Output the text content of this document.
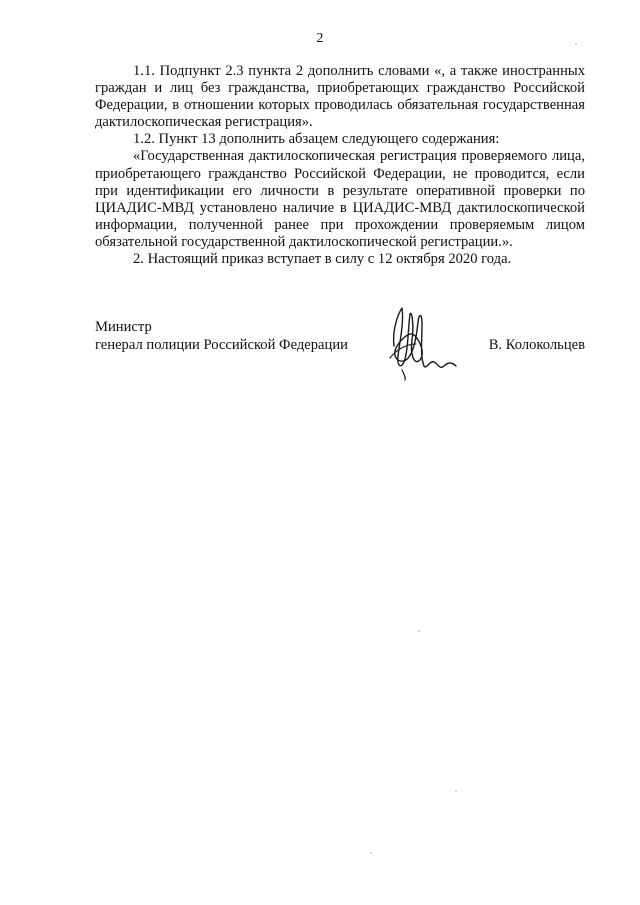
2

1.1. Подпункт 2.3 пункта 2 дополнить словами «, а также иностранных граждан и лиц без гражданства, приобретающих гражданство Российской Федерации, в отношении которых проводилась обязательная государственная дактилоскопическая регистрация».

1.2. Пункт 13 дополнить абзацем следующего содержания:

«Государственная дактилоскопическая регистрация проверяемого лица, приобретающего гражданство Российской Федерации, не проводится, если при идентификации его личности в результате оперативной проверки по ЦИАДИС-МВД установлено наличие в ЦИАДИС-МВД дактилоскопической информации, полученной ранее при прохождении проверяемым лицом обязательной государственной дактилоскопической регистрации.».

2. Настоящий приказ вступает в силу с 12 октября 2020 года.

Министр
генерал полиции Российской Федерации	В. Колокольцев
